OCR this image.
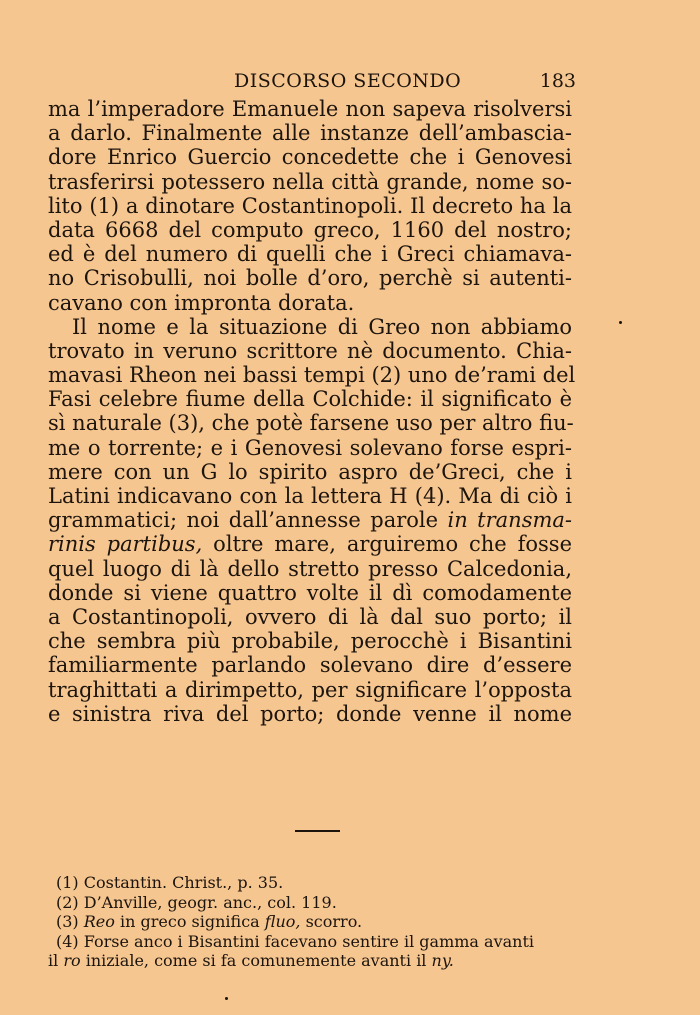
DISCORSO SECONDO	183
ma l’imperadore Emanuele non sapeva risolversi
a darlo. Finalmente alle instanze dell’ambascia-
dore Enrico Guercio concedette che i Genovesi
trasferirsi potessero nella città grande, nome so-
lito (1) a dinotare Costantinopoli. Il decreto ha la
data 6668 del computo greco, 1160 del nostro;
ed è del numero di quelli che i Greci chiamava-
no Crisobulli, noi bolle d’oro, perchè si autenti-
cavano con impronta dorata.
Il nome e la situazione di Greo non abbiamo
trovato in veruno scrittore nè documento. Chia-
mavasi Rheon nei bassi tempi (2) uno de’rami del
Fasi celebre fiume della Colchide: il significato è
sì naturale (3), che potè farsene uso per altro fiu-
me o torrente; e i Genovesi solevano forse espri-
mere con un G lo spirito aspro de’Greci, che i
Latini indicavano con la lettera H (4). Ma di ciò i
grammatici; noi dall’annesse parole in transma-
rinis partibus, oltre mare, arguiremo che fosse
quel luogo di là dello stretto presso Calcedonia,
donde si viene quattro volte il dì comodamente
a Costantinopoli, ovvero di là dal suo porto; il
che sembra più probabile, perocchè i Bisantini
familiarmente parlando solevano dire d’essere
traghittati a dirimpetto, per significare l’opposta
e sinistra riva del porto; donde venne il nome
(1) Costantin. Christ., p. 35.
(2) D’Anville, geogr. anc., col. 119.
(3) Reo in greco significa fluo, scorro.
(4) Forse anco i Bisantini facevano sentire il gamma avanti
il ro iniziale, come si fa comunemente avanti il ny.
